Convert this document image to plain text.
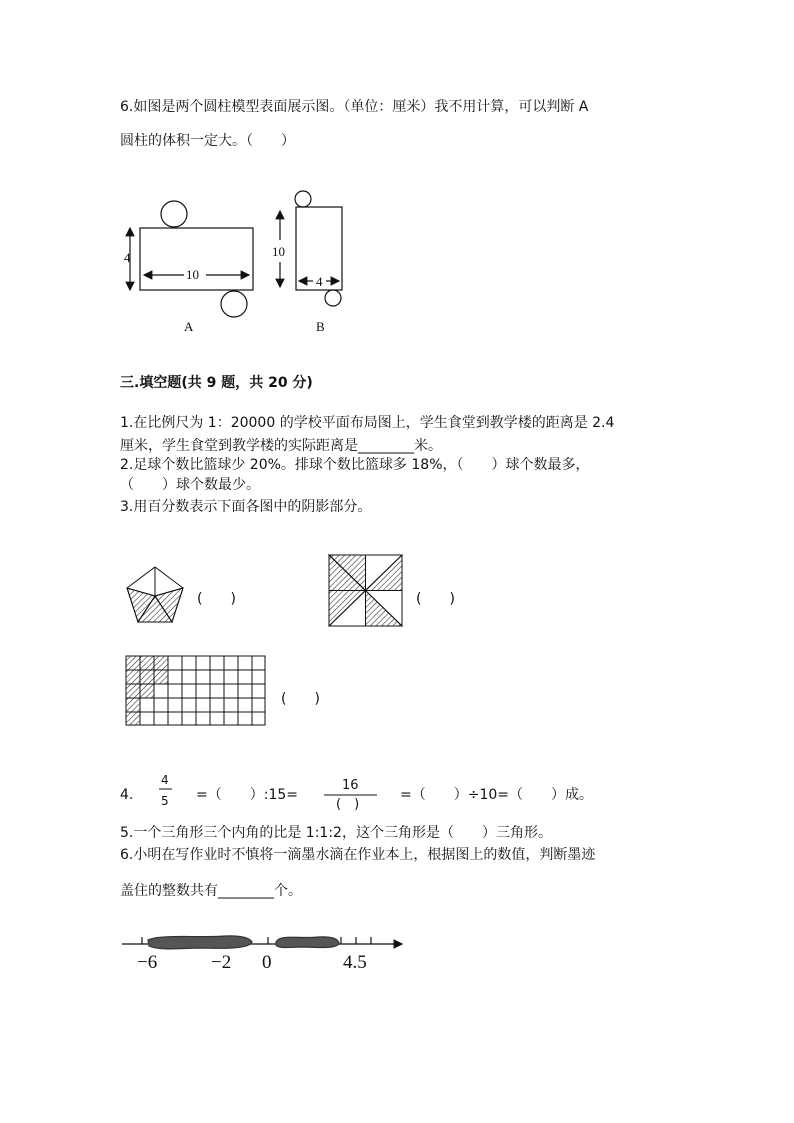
6.如图是两个圆柱模型表面展示图。（单位：厘米）我不用计算，可以判断 A
圆柱的体积一定大。（　　）
4
10
A
10
4
B
三.填空题(共 9 题，共 20 分)
1.在比例尺为 1：20000 的学校平面布局图上，学生食堂到教学楼的距离是 2.4
厘米，学生食堂到教学楼的实际距离是________米。
2.足球个数比篮球少 20%。排球个数比篮球多 18%，（　　）球个数最多，
（　　）球个数最少。
3.用百分数表示下面各图中的阴影部分。
(　　)	(　　)
(　　)
4.
4
5 =（　　）:15=
16
(　)
=（　　）÷10=（　　）成。
5.一个三角形三个内角的比是 1:1:2，这个三角形是（　　）三角形。
6.小明在写作业时不慎将一滴墨水滴在作业本上，根据图上的数值，判断墨迹
盖住的整数共有________个。
−6	−2 0	4.5
